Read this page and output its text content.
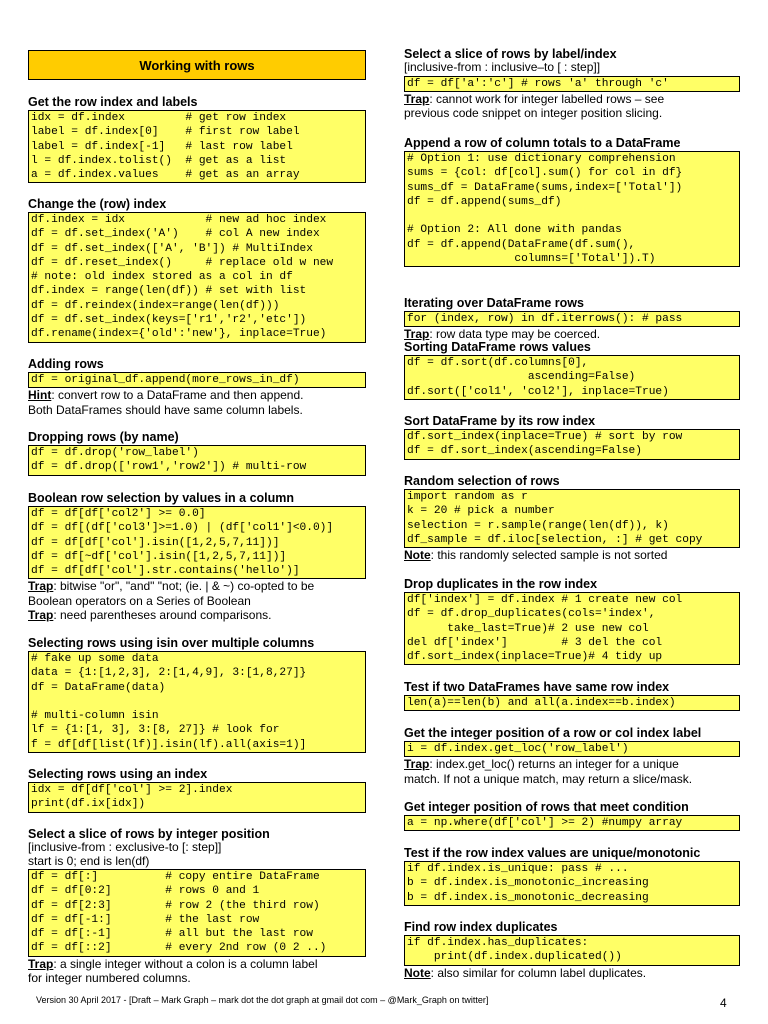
Working with rows
Get the row index and labels
idx = df.index         # get row index
label = df.index[0]    # first row label
label = df.index[-1]   # last row label
l = df.index.tolist()  # get as a list
a = df.index.values    # get as an array
Change the (row) index
df.index = idx            # new ad hoc index
df = df.set_index('A')    # col A new index
df = df.set_index(['A', 'B']) # MultiIndex
df = df.reset_index()     # replace old w new
# note: old index stored as a col in df
df.index = range(len(df)) # set with list
df = df.reindex(index=range(len(df)))
df = df.set_index(keys=['r1','r2','etc'])
df.rename(index={'old':'new'}, inplace=True)
Adding rows
df = original_df.append(more_rows_in_df)
Hint: convert row to a DataFrame and then append.
Both DataFrames should have same column labels.
Dropping rows (by name)
df = df.drop('row_label')
df = df.drop(['row1','row2']) # multi-row
Boolean row selection by values in a column
df = df[df['col2'] >= 0.0]
df = df[(df['col3']>=1.0) | (df['col1']<0.0)]
df = df[df['col'].isin([1,2,5,7,11])]
df = df[~df['col'].isin([1,2,5,7,11])]
df = df[df['col'].str.contains('hello')]
Trap: bitwise "or", "and" "not; (ie. | & ~) co-opted to be
Boolean operators on a Series of Boolean
Trap: need parentheses around comparisons.
Selecting rows using isin over multiple columns
# fake up some data
data = {1:[1,2,3], 2:[1,4,9], 3:[1,8,27]}
df = DataFrame(data)

# multi-column isin
lf = {1:[1, 3], 3:[8, 27]} # look for
f = df[df[list(lf)].isin(lf).all(axis=1)]
Selecting rows using an index
idx = df[df['col'] >= 2].index
print(df.ix[idx])
Select a slice of rows by integer position
[inclusive-from : exclusive-to [: step]]
start is 0; end is len(df)
df = df[:]          # copy entire DataFrame
df = df[0:2]        # rows 0 and 1
df = df[2:3]        # row 2 (the third row)
df = df[-1:]        # the last row
df = df[:-1]        # all but the last row
df = df[::2]        # every 2nd row (0 2 ..)
Trap: a single integer without a colon is a column label
for integer numbered columns.
Select a slice of rows by label/index
[inclusive-from : inclusive–to [ : step]]
df = df['a':'c'] # rows 'a' through 'c'
Trap: cannot work for integer labelled rows – see
previous code snippet on integer position slicing.
Append a row of column totals to a DataFrame
# Option 1: use dictionary comprehension
sums = {col: df[col].sum() for col in df}
sums_df = DataFrame(sums,index=['Total'])
df = df.append(sums_df)

# Option 2: All done with pandas
df = df.append(DataFrame(df.sum(),
columns=['Total']).T)
Iterating over DataFrame rows
for (index, row) in df.iterrows(): # pass
Trap: row data type may be coerced.
Sorting DataFrame rows values
df = df.sort(df.columns[0],
ascending=False)
df.sort(['col1', 'col2'], inplace=True)
Sort DataFrame by its row index
df.sort_index(inplace=True) # sort by row
df = df.sort_index(ascending=False)
Random selection of rows
import random as r
k = 20 # pick a number
selection = r.sample(range(len(df)), k)
df_sample = df.iloc[selection, :] # get copy
Note: this randomly selected sample is not sorted
Drop duplicates in the row index
df['index'] = df.index # 1 create new col
df = df.drop_duplicates(cols='index',
take_last=True)# 2 use new col
del df['index']        # 3 del the col
df.sort_index(inplace=True)# 4 tidy up
Test if two DataFrames have same row index
len(a)==len(b) and all(a.index==b.index)
Get the integer position of a row or col index label
i = df.index.get_loc('row_label')
Trap: index.get_loc() returns an integer for a unique
match. If not a unique match, may return a slice/mask.
Get integer position of rows that meet condition
a = np.where(df['col'] >= 2) #numpy array
Test if the row index values are unique/monotonic
if df.index.is_unique: pass # ...
b = df.index.is_monotonic_increasing
b = df.index.is_monotonic_decreasing
Find row index duplicates
if df.index.has_duplicates:
print(df.index.duplicated())
Note: also similar for column label duplicates.
Version 30 April 2017 - [Draft – Mark Graph – mark dot the dot graph at gmail dot com – @Mark_Graph on twitter]	4
